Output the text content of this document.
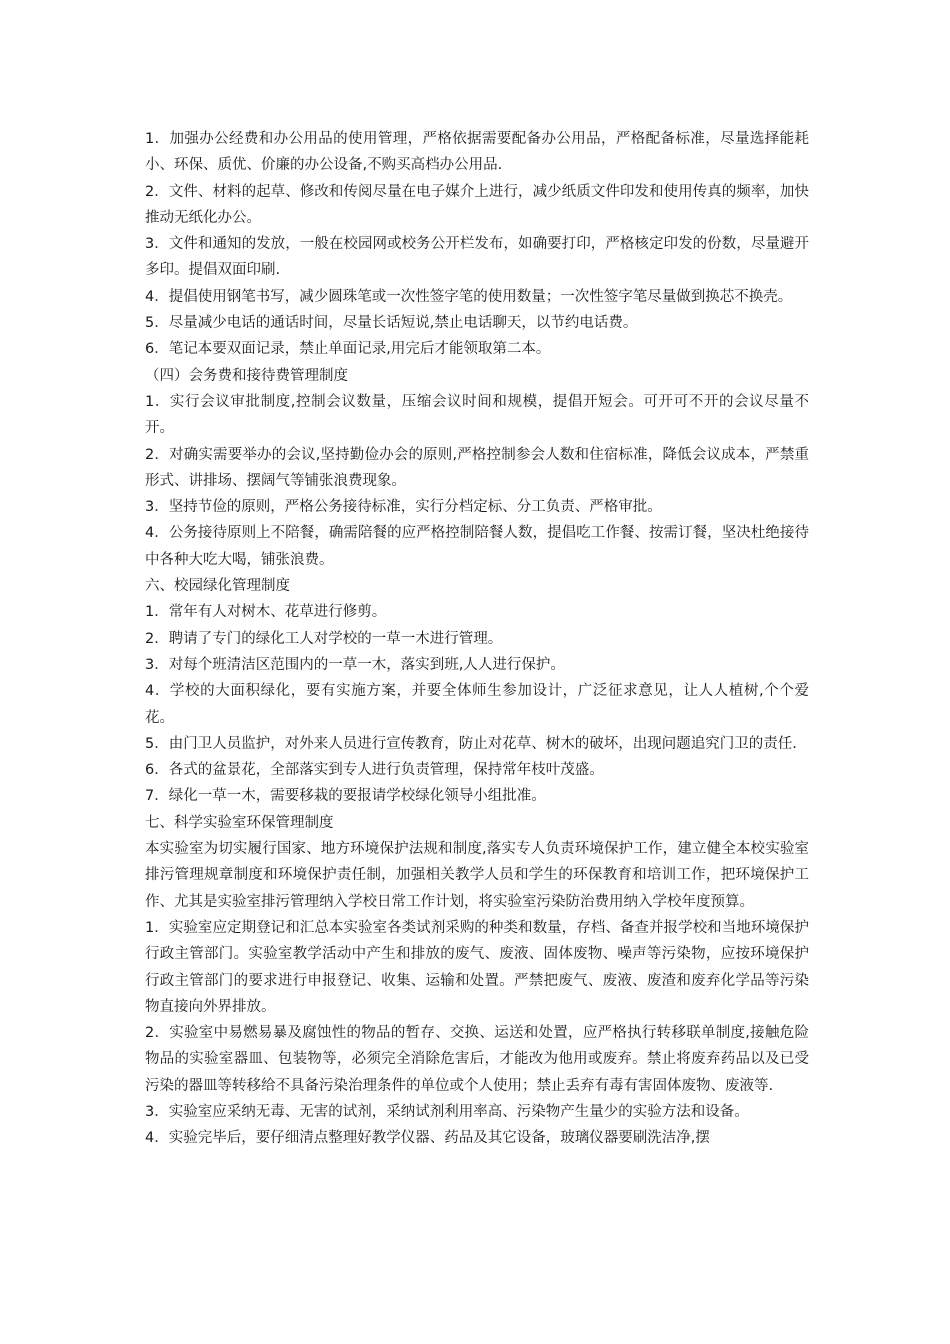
1．加强办公经费和办公用品的使用管理，严格依据需要配备办公用品，严格配备标准，尽量选择能耗小、环保、质优、价廉的办公设备,不购买高档办公用品.

2．文件、材料的起草、修改和传阅尽量在电子媒介上进行，减少纸质文件印发和使用传真的频率，加快推动无纸化办公。

3．文件和通知的发放，一般在校园网或校务公开栏发布，如确要打印，严格核定印发的份数，尽量避开多印。提倡双面印刷.

4．提倡使用钢笔书写，减少圆珠笔或一次性签字笔的使用数量；一次性签字笔尽量做到换芯不换壳。

5．尽量减少电话的通话时间，尽量长话短说,禁止电话聊天，以节约电话费。

6．笔记本要双面记录，禁止单面记录,用完后才能领取第二本。

（四）会务费和接待费管理制度

1．实行会议审批制度,控制会议数量，压缩会议时间和规模，提倡开短会。可开可不开的会议尽量不开。

2．对确实需要举办的会议,坚持勤俭办会的原则,严格控制参会人数和住宿标准，降低会议成本，严禁重形式、讲排场、摆阔气等铺张浪费现象。

3．坚持节俭的原则，严格公务接待标准，实行分档定标、分工负责、严格审批。

4．公务接待原则上不陪餐，确需陪餐的应严格控制陪餐人数，提倡吃工作餐、按需订餐，坚决杜绝接待中各种大吃大喝，铺张浪费。

六、校园绿化管理制度

1．常年有人对树木、花草进行修剪。

2．聘请了专门的绿化工人对学校的一草一木进行管理。

3．对每个班清洁区范围内的一草一木，落实到班,人人进行保护。

4．学校的大面积绿化，要有实施方案，并要全体师生参加设计，广泛征求意见，让人人植树,个个爱花。

5．由门卫人员监护，对外来人员进行宣传教育，防止对花草、树木的破坏，出现问题追究门卫的责任.

6．各式的盆景花，全部落实到专人进行负责管理，保持常年枝叶茂盛。

7．绿化一草一木，需要移栽的要报请学校绿化领导小组批准。

七、科学实验室环保管理制度

本实验室为切实履行国家、地方环境保护法规和制度,落实专人负责环境保护工作，建立健全本校实验室排污管理规章制度和环境保护责任制，加强相关教学人员和学生的环保教育和培训工作，把环境保护工作、尤其是实验室排污管理纳入学校日常工作计划，将实验室污染防治费用纳入学校年度预算。

1．实验室应定期登记和汇总本实验室各类试剂采购的种类和数量，存档、备查并报学校和当地环境保护行政主管部门。实验室教学活动中产生和排放的废气、废液、固体废物、噪声等污染物，应按环境保护行政主管部门的要求进行申报登记、收集、运输和处置。严禁把废气、废液、废渣和废弃化学品等污染物直接向外界排放。

2．实验室中易燃易暴及腐蚀性的物品的暂存、交换、运送和处置，应严格执行转移联单制度,接触危险物品的实验室器皿、包装物等，必须完全消除危害后，才能改为他用或废弃。禁止将废弃药品以及已受污染的器皿等转移给不具备污染治理条件的单位或个人使用；禁止丢弃有毒有害固体废物、废液等.

3．实验室应采纳无毒、无害的试剂，采纳试剂利用率高、污染物产生量少的实验方法和设备。

4．实验完毕后，要仔细清点整理好教学仪器、药品及其它设备，玻璃仪器要刷洗洁净,摆
